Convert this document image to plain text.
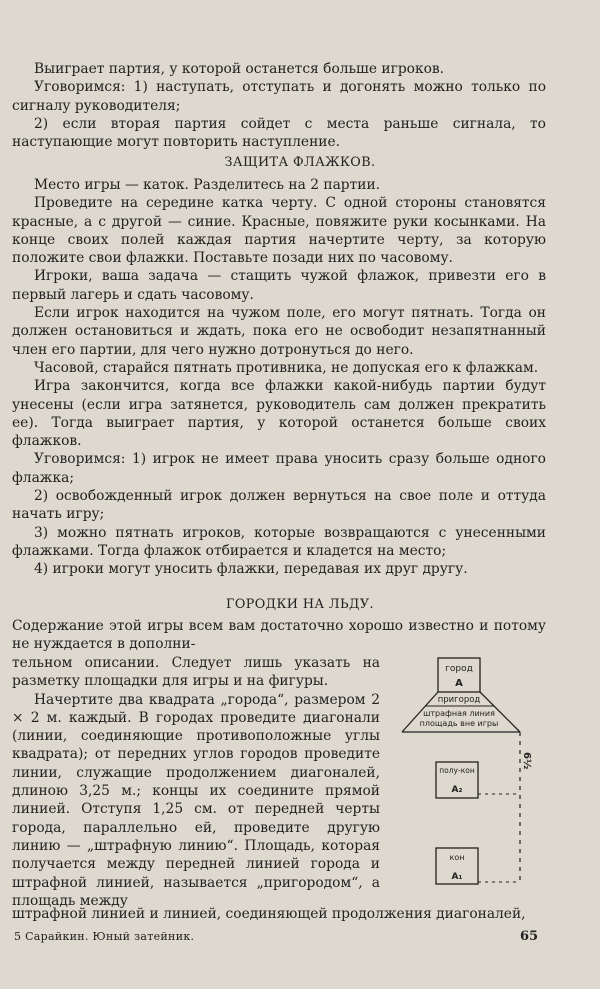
Выиграет партия, у которой останется больше игроков.

Уговоримся: 1) наступать, отступать и догонять можно только по сигналу руководителя;

2) если вторая партия сойдет с места раньше сигнала, то наступающие могут повторить наступление.

ЗАЩИТА ФЛАЖКОВ.

Место игры — каток. Разделитесь на 2 партии.

Проведите на середине катка черту. С одной стороны становятся красные, а с другой — синие. Красные, повяжите руки косынками. На конце своих полей каждая партия начертите черту, за которую положите свои флажки. Поставьте позади них по часовому.

Игроки, ваша задача — стащить чужой флажок, привезти его в первый лагерь и сдать часовому.

Если игрок находится на чужом поле, его могут пятнать. Тогда он должен остановиться и ждать, пока его не освободит незапятнанный член его партии, для чего нужно дотронуться до него.

Часовой, старайся пятнать противника, не допуская его к флажкам.

Игра закончится, когда все флажки какой-нибудь партии будут унесены (если игра затянется, руководитель сам должен прекратить ее). Тогда выиграет партия, у которой останется больше своих флажков.

Уговоримся: 1) игрок не имеет права уносить сразу больше одного флажка;

2) освобожденный игрок должен вернуться на свое поле и оттуда начать игру;

3) можно пятнать игроков, которые возвращаются с унесенными флажками. Тогда флажок отбирается и кладется на место;

4) игроки могут уносить флажки, передавая их друг другу.

ГОРОДКИ НА ЛЬДУ.

Содержание этой игры всем вам достаточно хорошо известно и потому не нуждается в дополни-

тельном описании. Следует лишь указать на разметку площадки для игры и на фигуры.

Начертите два квадрата „города“, размером 2 × 2 м. каждый. В городах проведите диагонали (линии, соединяющие противоположные углы квадрата); от передних углов городов проведите линии, служащие продолжением диагоналей, длиною 3,25 м.; концы их соедините прямой линией. Отступя 1,25 см. от передней черты города, параллельно ей, проведите другую линию — „штрафную линию“. Площадь, которая получается между передней линией города и штрафной линией, называется „пригородом“, а площадь между

штрафной линией и линией, соединяющей продолжения диагоналей,

город
А
пригород
штрафная линия
площадь вне игры
6½
полу-кон
А₂
кон
А₁
5 Сарайкин. Юный затейник.	65
